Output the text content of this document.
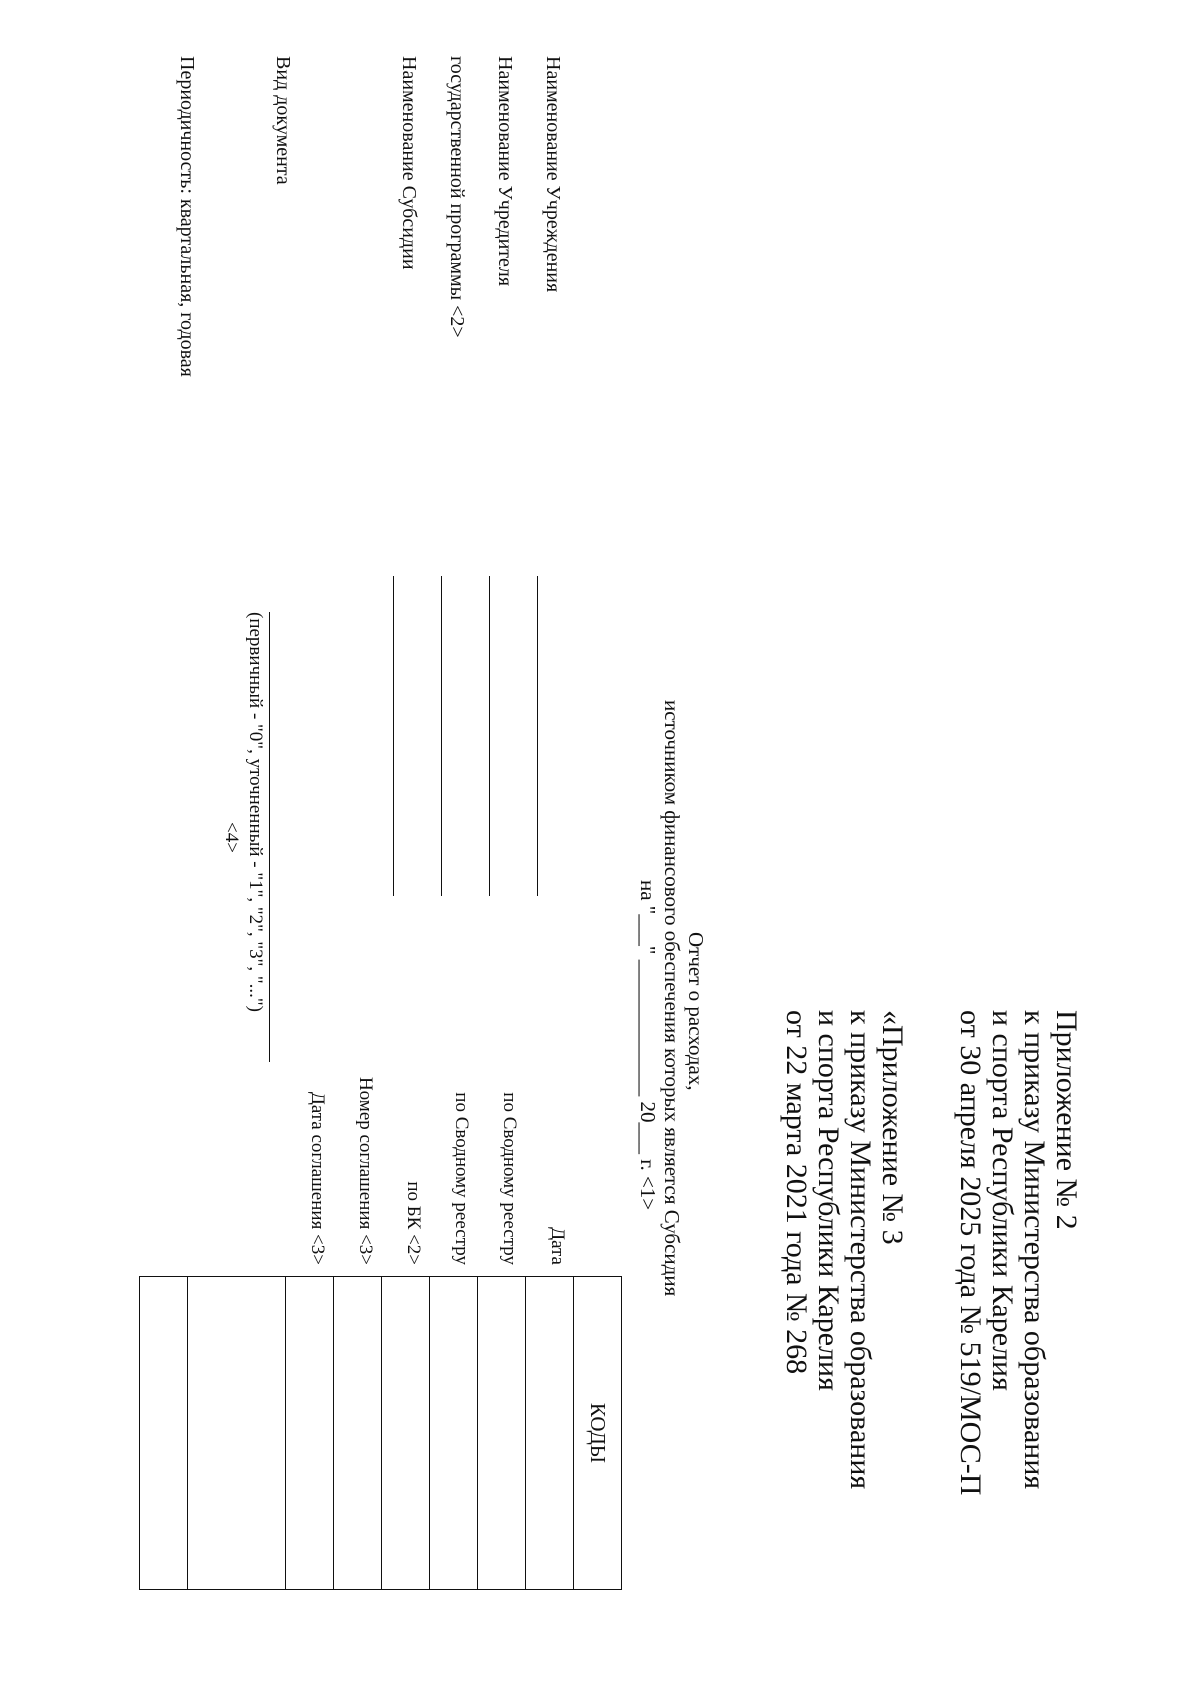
Приложение № 2
к приказу Министерства образования
и спорта Республики Карелия
от 30 апреля 2025 года № 519/МОС-П
«Приложение № 3
к приказу Министерства образования
и спорта Республики Карелия
от 22 марта 2021 года № 268
Отчет о расходах,
источником финансового обеспечения которых является Субсидия
на "___" _____________ 20___ г. <1>
Наименование Учреждения
Наименование Учредителя
государственной программы <2>
Наименование Субсидии
Вид документа
Периодичность: квартальная, годовая
(первичный - "0", уточненный - "1", "2", "3", "...")
<4>
Дата
по Сводному реестру
по Сводному реестру
по БК <2>
Номер соглашения <3>
Дата соглашения <3>
КОДЫ
